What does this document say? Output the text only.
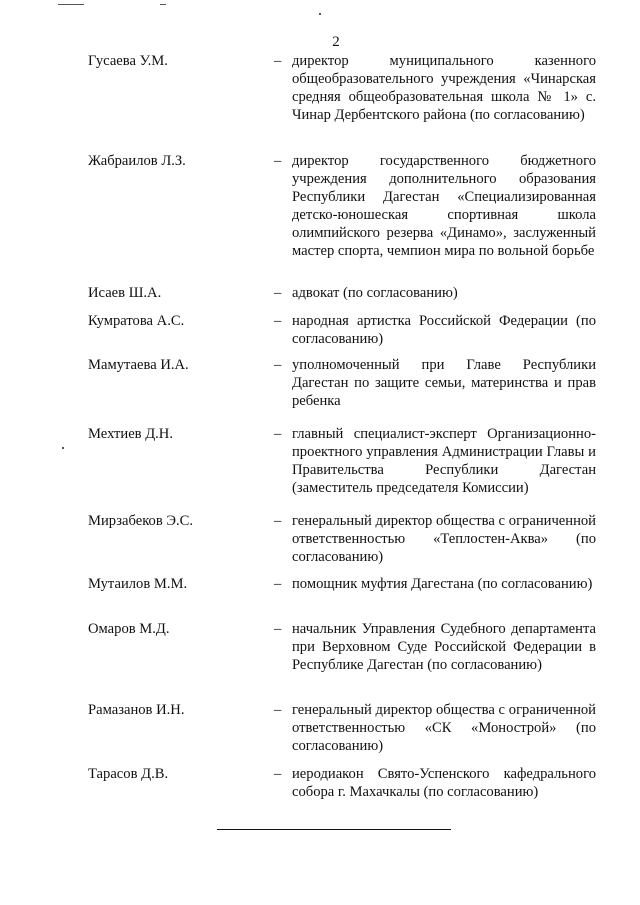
2
Гусаева У.М.	– директор муниципального казенного общеобразовательного учреждения «Чинарская средняя общеобразовательная школа № 1» с. Чинар Дербентского района (по согласованию)
Жабраилов Л.З.	– директор государственного бюджетного учреждения дополнительного образования Республики Дагестан «Специализированная детско-юношеская спортивная школа олимпийского резерва «Динамо», заслуженный мастер спорта, чемпион мира по вольной борьбе
Исаев Ш.А.	– адвокат (по согласованию)
Кумратова А.С.	– народная артистка Российской Федерации (по согласованию)
Мамутаева И.А.	– уполномоченный при Главе Республики Дагестан по защите семьи, материнства и прав ребенка
Мехтиев Д.Н.	– главный специалист-эксперт Организационно-проектного управления Администрации Главы и Правительства Республики Дагестан (заместитель председателя Комиссии)
Мирзабеков Э.С.	– генеральный директор общества с ограниченной ответственностью «Теплостен-Аква» (по согласованию)
Мутаилов М.М.	– помощник муфтия Дагестана (по согласованию)
Омаров М.Д.	– начальник Управления Судебного департамента при Верховном Суде Российской Федерации в Республике Дагестан (по согласованию)
Рамазанов И.Н.	– генеральный директор общества с ограниченной ответственностью «СК «Монострой» (по согласованию)
Тарасов Д.В.	– иеродиакон Свято-Успенского кафедрального собора г. Махачкалы (по согласованию)
